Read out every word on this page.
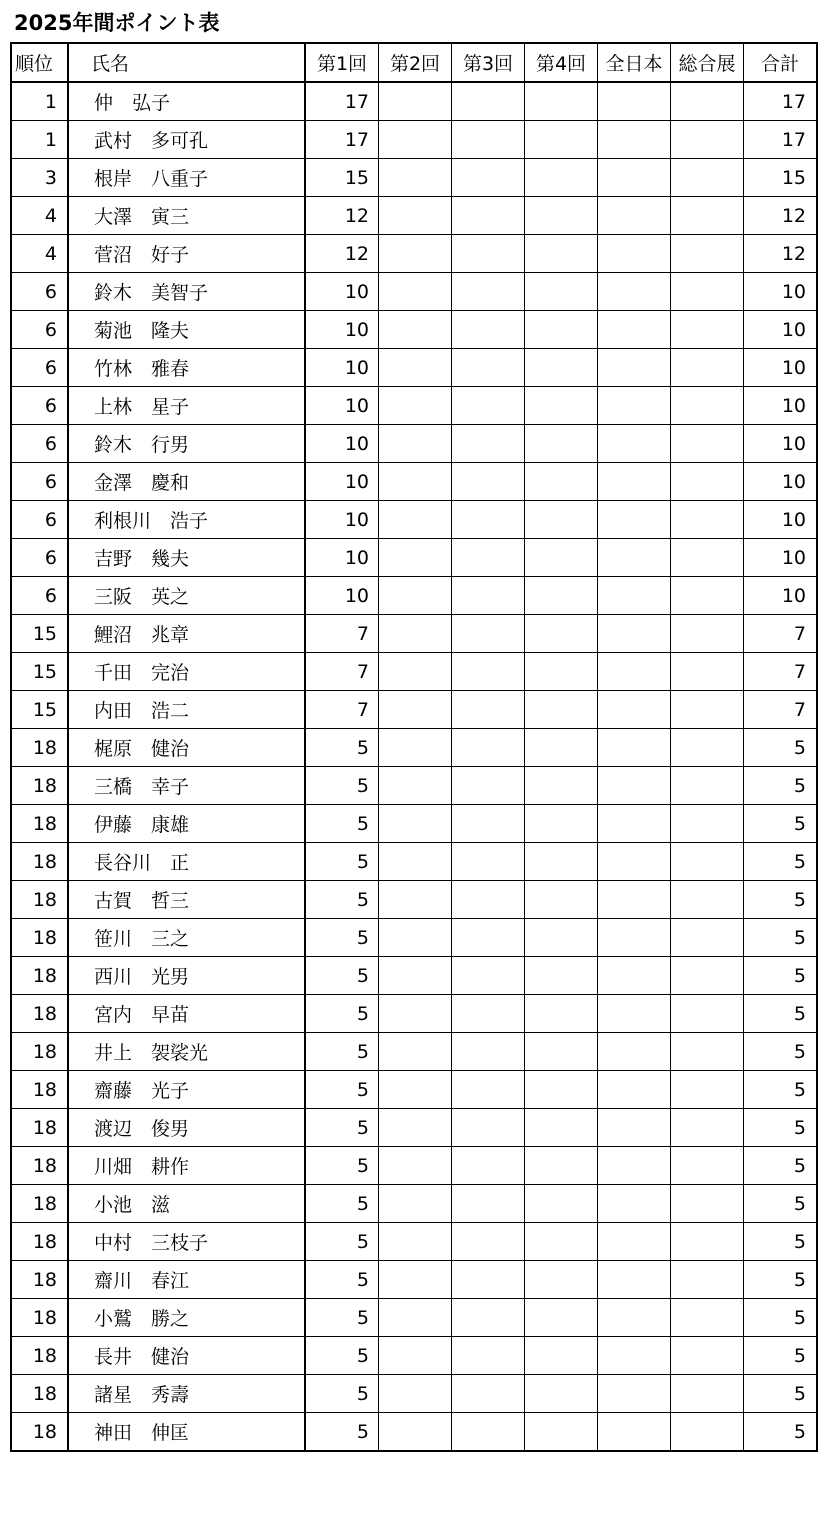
2025年間ポイント表
順位	氏名	第1回	第2回	第3回	第4回	全日本	総合展	合計
1	仲　弘子	17						17
1	武村　多可孔	17						17
3	根岸　八重子	15						15
4	大澤　寅三	12						12
4	菅沼　好子	12						12
6	鈴木　美智子	10						10
6	菊池　隆夫	10						10
6	竹林　雅春	10						10
6	上林　星子	10						10
6	鈴木　行男	10						10
6	金澤　慶和	10						10
6	利根川　浩子	10						10
6	吉野　幾夫	10						10
6	三阪　英之	10						10
15	鯉沼　兆章	7						7
15	千田　完治	7						7
15	内田　浩二	7						7
18	梶原　健治	5						5
18	三橋　幸子	5						5
18	伊藤　康雄	5						5
18	長谷川　正	5						5
18	古賀　哲三	5						5
18	笹川　三之	5						5
18	西川　光男	5						5
18	宮内　早苗	5						5
18	井上　袈裟光	5						5
18	齋藤　光子	5						5
18	渡辺　俊男	5						5
18	川畑　耕作	5						5
18	小池　滋	5						5
18	中村　三枝子	5						5
18	齋川　春江	5						5
18	小鷲　勝之	5						5
18	長井　健治	5						5
18	諸星　秀壽	5						5
18	神田　伸匡	5						5
